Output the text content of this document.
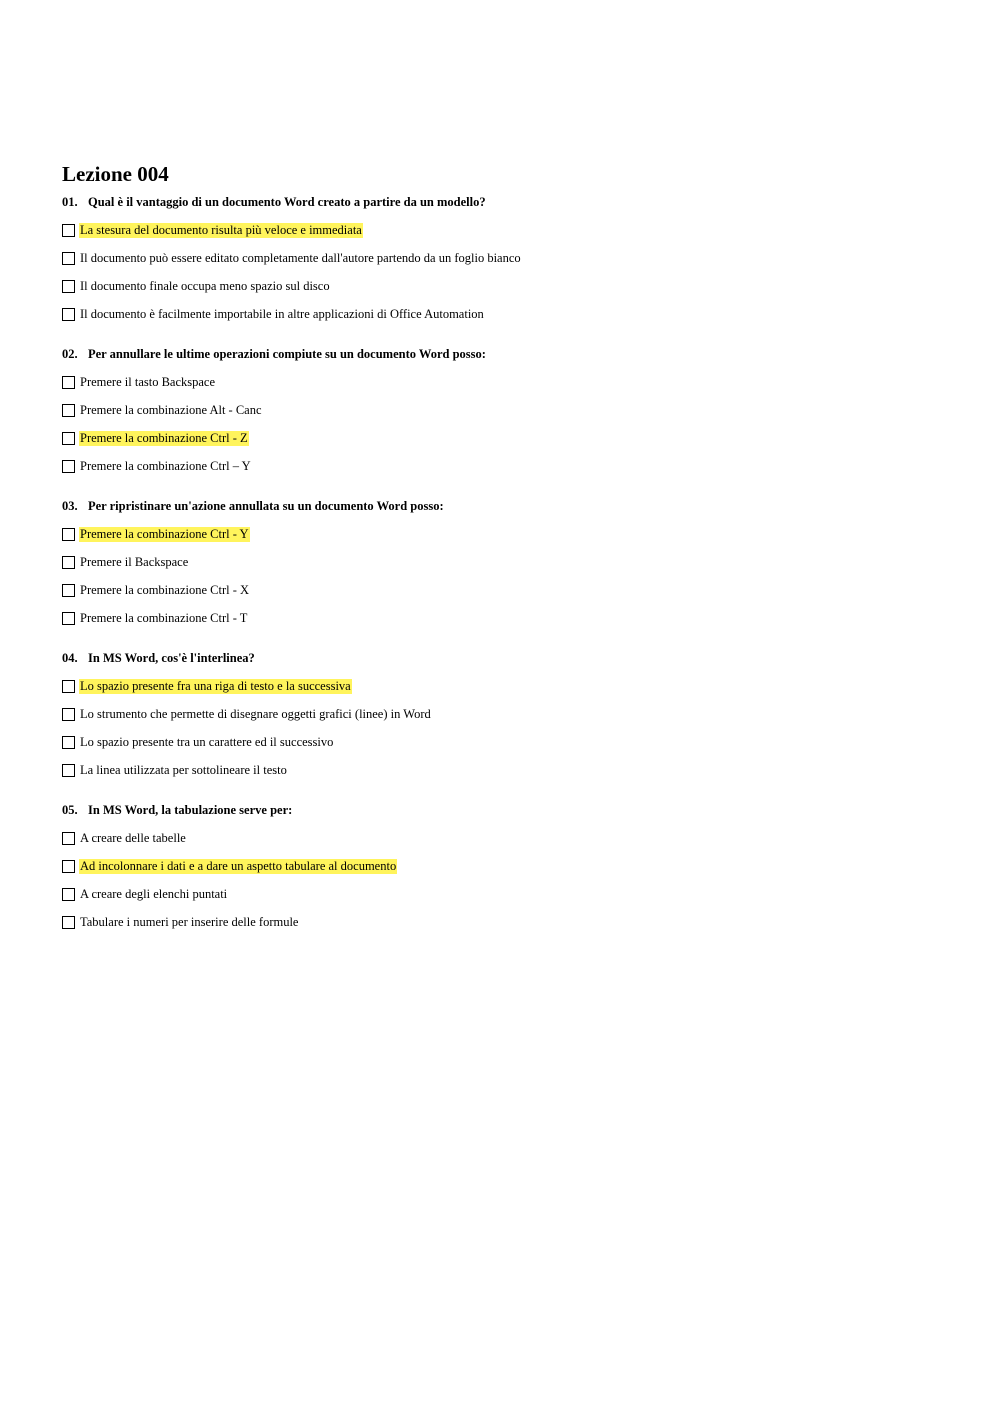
Lezione 004
01. Qual è il vantaggio di un documento Word creato a partire da un modello?
La stesura del documento risulta più veloce e immediata
Il documento può essere editato completamente dall'autore partendo da un foglio bianco
Il documento finale occupa meno spazio sul disco
Il documento è facilmente importabile in altre applicazioni di Office Automation
02. Per annullare le ultime operazioni compiute su un documento Word posso:
Premere il tasto Backspace
Premere la combinazione Alt - Canc
Premere la combinazione Ctrl - Z
Premere la combinazione Ctrl – Y
03. Per ripristinare un'azione annullata su un documento Word posso:
Premere la combinazione Ctrl - Y
Premere il Backspace
Premere la combinazione Ctrl - X
Premere la combinazione Ctrl - T
04. In MS Word, cos'è l'interlinea?
Lo spazio presente fra una riga di testo e la successiva
Lo strumento che permette di disegnare oggetti grafici (linee) in Word
Lo spazio presente tra un carattere ed il successivo
La linea utilizzata per sottolineare il testo
05. In MS Word, la tabulazione serve per:
A creare delle tabelle
Ad incolonnare i dati e a dare un aspetto tabulare al documento
A creare degli elenchi puntati
Tabulare i numeri per inserire delle formule
